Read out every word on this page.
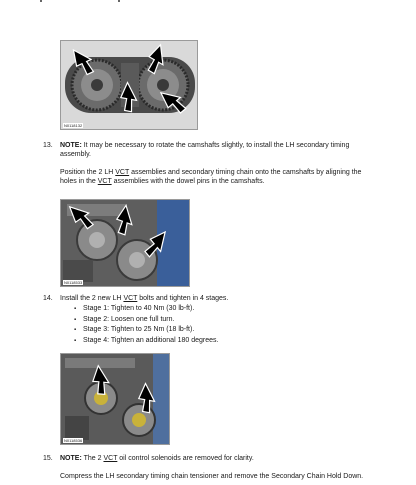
N0118132
13. NOTE: It may be necessary to rotate the camshafts slightly, to install the LH secondary timing assembly.
Position the 2 LH VCT assemblies and secondary timing chain onto the camshafts by aligning the holes in the VCT assemblies with the dowel pins in the camshafts.
N0118533
14. Install the 2 new LH VCT bolts and tighten in 4 stages.
▪ Stage 1: Tighten to 40 Nm (30 lb-ft).
▪ Stage 2: Loosen one full turn.
▪ Stage 3: Tighten to 25 Nm (18 lb-ft).
▪ Stage 4: Tighten an additional 180 degrees.
N0118536
15. NOTE: The 2 VCT oil control solenoids are removed for clarity.
Compress the LH secondary timing chain tensioner and remove the Secondary Chain Hold Down.
